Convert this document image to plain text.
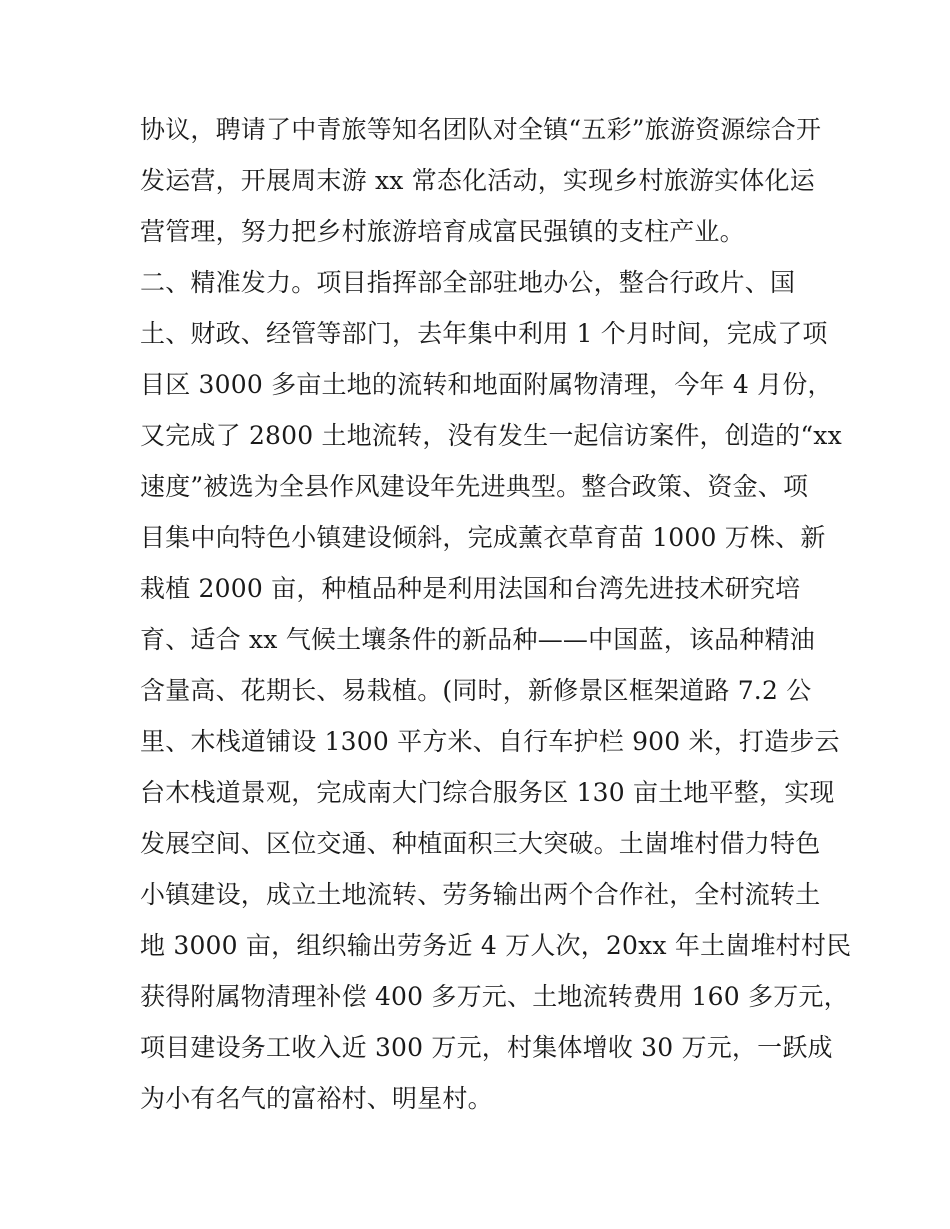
协议，聘请了中青旅等知名团队对全镇“五彩”旅游资源综合开
发运营，开展周末游 xx 常态化活动，实现乡村旅游实体化运
营管理，努力把乡村旅游培育成富民强镇的支柱产业。
二、精准发力。项目指挥部全部驻地办公，整合行政片、国
土、财政、经管等部门，去年集中利用 1 个月时间，完成了项
目区 3000 多亩土地的流转和地面附属物清理，今年 4 月份，
又完成了 2800 土地流转，没有发生一起信访案件，创造的“xx
速度”被选为全县作风建设年先进典型。整合政策、资金、项
目集中向特色小镇建设倾斜，完成薰衣草育苗 1000 万株、新
栽植 2000 亩，种植品种是利用法国和台湾先进技术研究培
育、适合 xx 气候土壤条件的新品种——中国蓝，该品种精油
含量高、花期长、易栽植。(同时，新修景区框架道路 7.2 公
里、木栈道铺设 1300 平方米、自行车护栏 900 米，打造步云
台木栈道景观，完成南大门综合服务区 130 亩土地平整，实现
发展空间、区位交通、种植面积三大突破。土崮堆村借力特色
小镇建设，成立土地流转、劳务输出两个合作社，全村流转土
地 3000 亩，组织输出劳务近 4 万人次，20xx 年土崮堆村村民
获得附属物清理补偿 400 多万元、土地流转费用 160 多万元，
项目建设务工收入近 300 万元，村集体增收 30 万元，一跃成
为小有名气的富裕村、明星村。
